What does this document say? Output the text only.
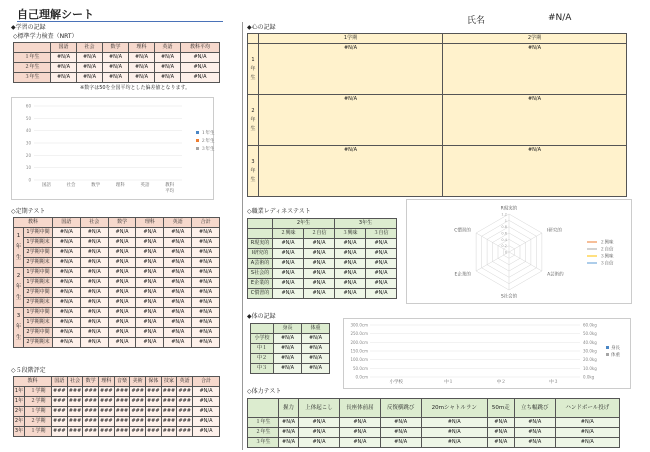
自己理解シート	氏名	#N/A
◆学習の記録
◇標準学力検査（NRT）
	国語	社会	数学	理科	英語	教科平均
１年生	#N/A	#N/A	#N/A	#N/A	#N/A	#N/A
２年生	#N/A	#N/A	#N/A	#N/A	#N/A	#N/A
３年生	#N/A	#N/A	#N/A	#N/A	#N/A	#N/A
※数字は50を全国平均とした偏差値となります。
0
10
20
30
40
50
60
国語	社会	数学	理科	英語	教科
平均
１年生
２年生
３年生
◇定期テスト
教科		国語	社会	数学	理科	英語	合計
1年生	1学期中間	#N/A	#N/A	#N/A	#N/A	#N/A	#N/A
	1学期期末	#N/A	#N/A	#N/A	#N/A	#N/A	#N/A
	2学期中間	#N/A	#N/A	#N/A	#N/A	#N/A	#N/A
	2学期期末	#N/A	#N/A	#N/A	#N/A	#N/A	#N/A
2年生	1学期中間	#N/A	#N/A	#N/A	#N/A	#N/A	#N/A
	1学期期末	#N/A	#N/A	#N/A	#N/A	#N/A	#N/A
	2学期中間	#N/A	#N/A	#N/A	#N/A	#N/A	#N/A
	2学期期末	#N/A	#N/A	#N/A	#N/A	#N/A	#N/A
3年生	1学期中間	#N/A	#N/A	#N/A	#N/A	#N/A	#N/A
	1学期期末	#N/A	#N/A	#N/A	#N/A	#N/A	#N/A
	2学期中間	#N/A	#N/A	#N/A	#N/A	#N/A	#N/A
	2学期期末	#N/A	#N/A	#N/A	#N/A	#N/A	#N/A
◇５段階評定
教科		国語	社会	数学	理科	音楽	美術	保体	技家	英語	合計
1年	１学期	###	###	###	###	###	###	###	###	###	#N/A
1年	２学期	###	###	###	###	###	###	###	###	###	#N/A
2年	１学期	###	###	###	###	###	###	###	###	###	#N/A
2年	２学期	###	###	###	###	###	###	###	###	###	#N/A
3年	１学期	###	###	###	###	###	###	###	###	###	#N/A
◆心の記録
	1学期	2学期

1
年
生	#N/A	#N/A

2
年
生	#N/A	#N/A

3
年
生	#N/A	#N/A
◇職業レディネステスト
	2年生		3年生	
	２興味	２自信	３興味	３自信
R現実的	#N/A	#N/A	#N/A	#N/A
I研究的	#N/A	#N/A	#N/A	#N/A
A芸術的	#N/A	#N/A	#N/A	#N/A
S社会的	#N/A	#N/A	#N/A	#N/A
E企業的	#N/A	#N/A	#N/A	#N/A
C慣習的	#N/A	#N/A	#N/A	#N/A
R現実的
I研究的
A芸術的
S社会的
E企業的
C慣習的
0
0.2
0.4
0.6
0.8
1
1.2
２興味
２自信
３興味
３自信
◆体の記録
	身長	体重
小学校	#N/A	#N/A
中１	#N/A	#N/A
中２	#N/A	#N/A
中３	#N/A	#N/A
0.0cm	0.0kg
50.0cm	10.0kg
100.0cm	20.0kg
150.0cm	30.0kg
200.0cm	40.0kg
250.0cm	50.0kg
300.0cm	60.0kg
小学校	中１	中２	中３
身長
体重
◇体力テスト
	握力	上体起こし	長座体前屈	反復横跳び	20mシャトルラン	50m走	立ち幅跳び	ハンドボール投げ
１年生	#N/A	#N/A	#N/A	#N/A	#N/A	#N/A	#N/A	#N/A
２年生	#N/A	#N/A	#N/A	#N/A	#N/A	#N/A	#N/A	#N/A
３年生	#N/A	#N/A	#N/A	#N/A	#N/A	#N/A	#N/A	#N/A
